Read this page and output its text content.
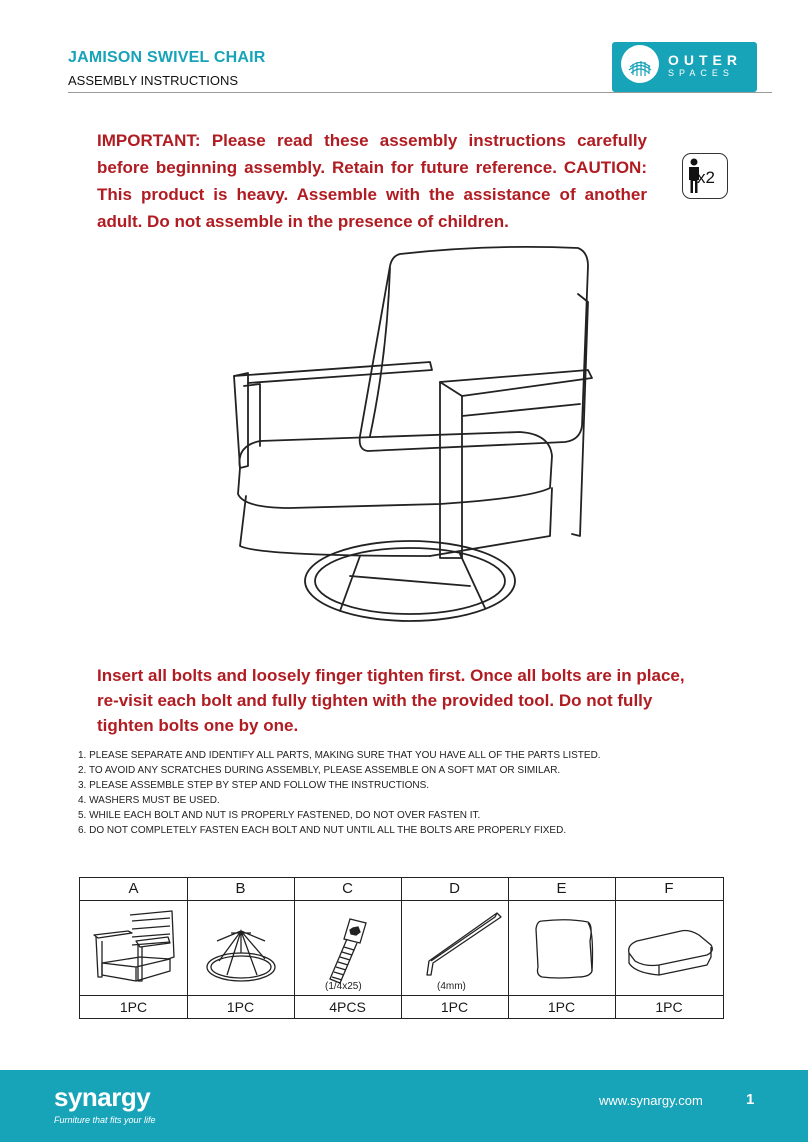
JAMISON SWIVEL CHAIR
ASSEMBLY INSTRUCTIONS
OUTER
SPACES
IMPORTANT: Please read these assembly instructions carefully before beginning assembly. Retain for future reference. CAUTION: This product is heavy. Assemble with the assistance of another adult. Do not assemble in the presence of children.
x2
Insert all bolts and loosely finger tighten first. Once all bolts are in place, re-visit each bolt and fully tighten with the provided tool. Do not fully tighten bolts one by one.
1. PLEASE SEPARATE AND IDENTIFY ALL PARTS, MAKING SURE THAT YOU HAVE ALL OF THE PARTS LISTED.
2. TO AVOID ANY SCRATCHES DURING ASSEMBLY, PLEASE ASSEMBLE ON A SOFT MAT OR SIMILAR.
3. PLEASE ASSEMBLE STEP BY STEP AND FOLLOW THE INSTRUCTIONS.
4. WASHERS MUST BE USED.
5. WHILE EACH BOLT AND NUT IS PROPERLY FASTENED, DO NOT OVER FASTEN IT.
6. DO NOT COMPLETELY FASTEN EACH BOLT AND NUT UNTIL ALL THE BOLTS ARE PROPERLY FIXED.
A	B	C	D	E	F
(1/4x25)	(4mm)
1PC	1PC	4PCS	1PC	1PC	1PC
synargy
Furniture that fits your life
www.synargy.com	1
